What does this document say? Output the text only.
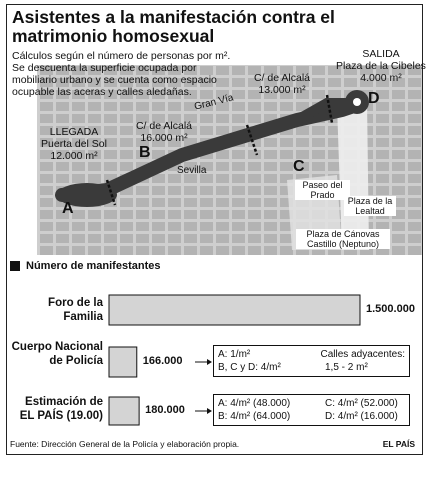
Asistentes a la manifestación contra el matrimonio homosexual
Cálculos según el número de personas por m². Se descuenta la superficie ocupada por mobiliario urbano y se cuenta como espacio ocupable las aceras y calles aledañas.
LLEGADA
Puerta del Sol
12.000 m²
C/ de Alcalá
16.000 m²
C/ de Alcalá
13.000 m²
SALIDA
Plaza de la Cibeles
4.000 m²
A
B
C
D
Gran Vía
Sevilla
Paseo del Prado
Plaza de la Lealtad
Plaza de Cánovas Castillo (Neptuno)
Número de manifestantes
Foro de la Familia
1.500.000
Cuerpo Nacional de Policía	166.000
Estimación de EL PAÍS (19.00)	180.000
A: 1/m²	Calles adyacentes:
B, C y D: 4/m²	1,5 - 2 m²
A: 4/m² (48.000)	C: 4/m² (52.000)
B: 4/m² (64.000)	D: 4/m² (16.000)
Fuente: Dirección General de la Policía y elaboración propia.	EL PAÍS
